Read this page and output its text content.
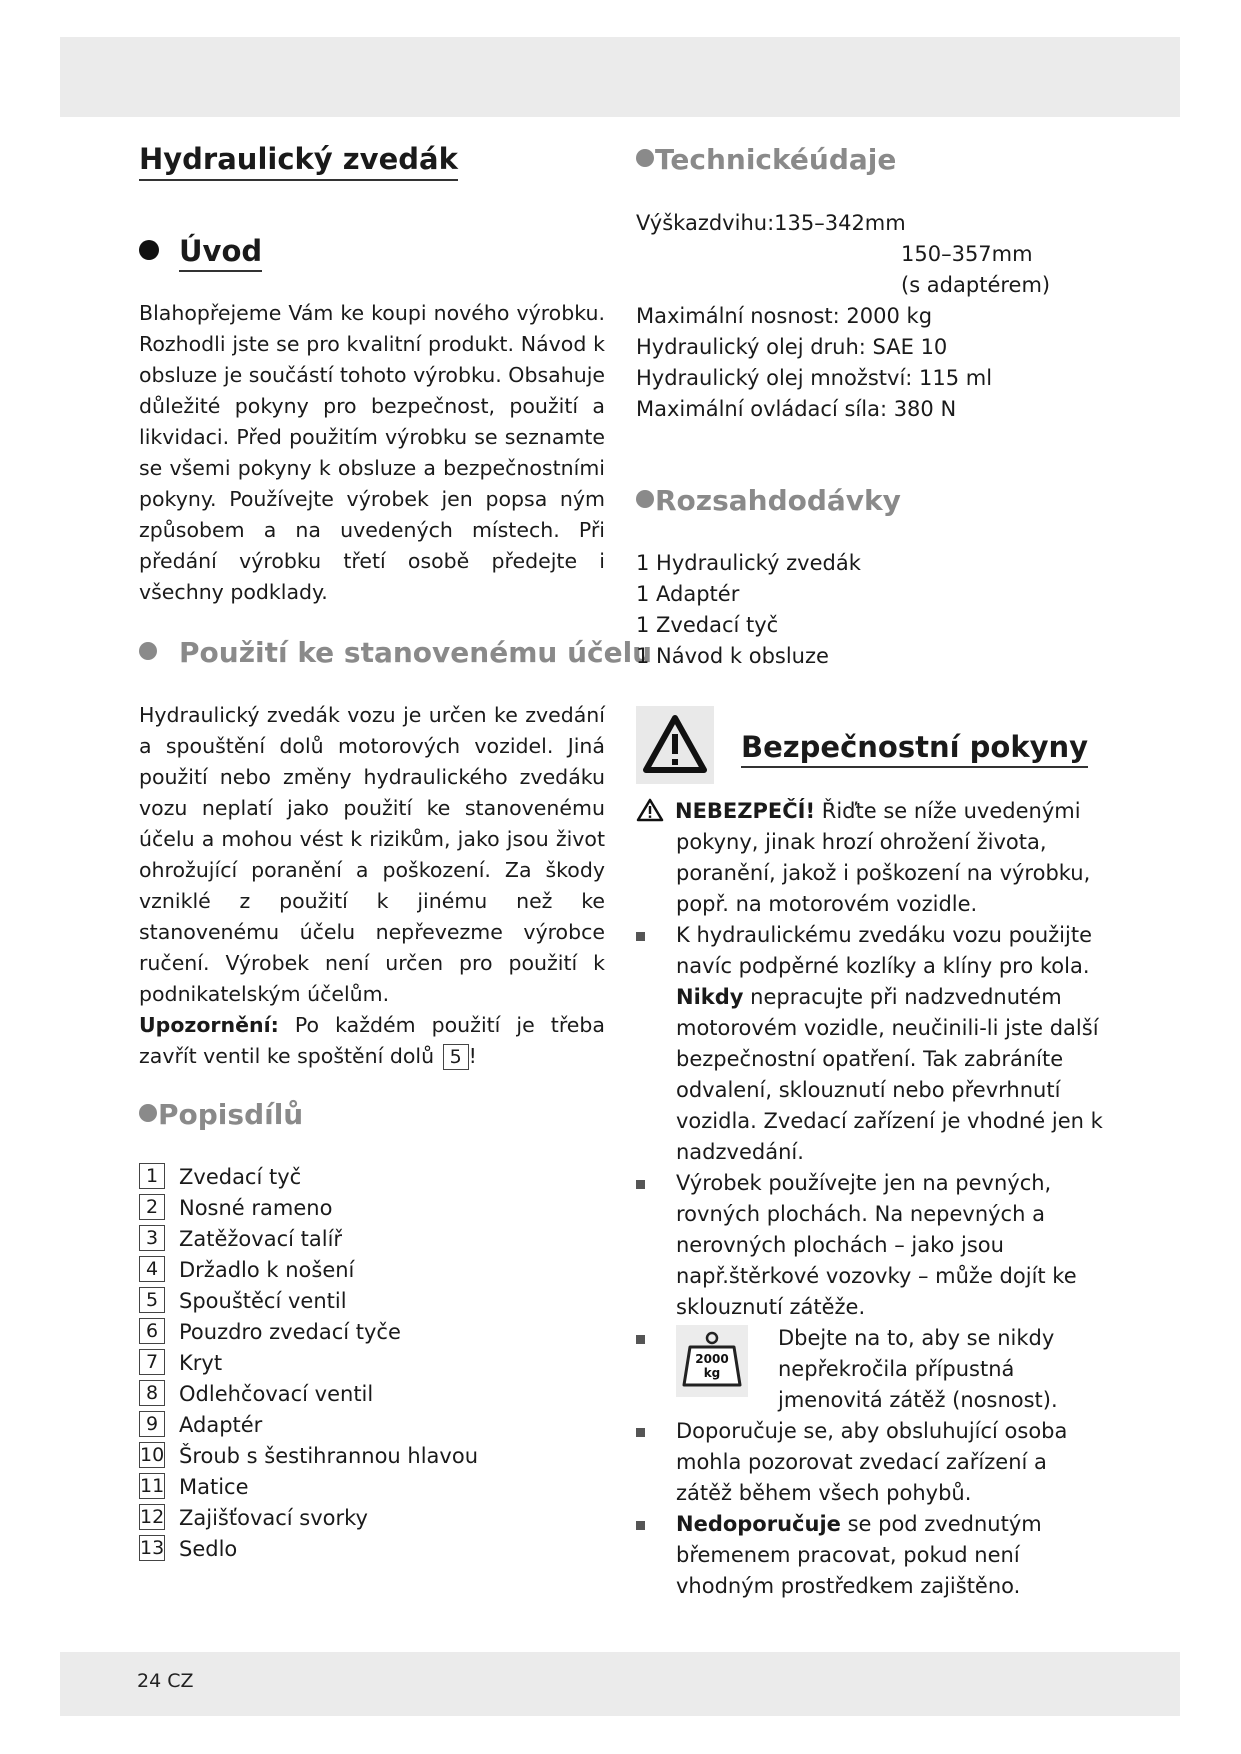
Hydraulický zvedák
Úvod

Blahopřejeme Vám ke koupi nového výrobku. Rozhodli jste se pro kvalitní produkt. Návod k obsluze je součástí tohoto výrobku. Obsahuje důležité pokyny pro bezpečnost, použití a likvidaci. Před použitím výrobku se seznamte se všemi pokyny k obsluze a bezpečnostními pokyny. Používejte výrobek jen popsa ným způsobem a na uvedených místech. Při předání výrobku třetí osobě předejte i všechny podklady.

Použití ke stanovenému účelu

Hydraulický zvedák vozu je určen ke zvedání a spouštění dolů motorových vozidel. Jiná použití nebo změny hydraulického zvedáku vozu neplatí jako použití ke stanovenému účelu a mohou vést k rizikům, jako jsou život ohrožující poranění a poškození. Za škody vzniklé z použití k jinému než ke stanovenému účelu nepřevezme výrobce ručení. Výrobek není určen pro použití k podnikatelským účelům.

Upozornění: Po každém použití je třeba zavřít ventil ke spoštění dolů 5 !

Popisdílů
1 Zvedací tyč
2 Nosné rameno
3 Zatěžovací talíř
4 Držadlo k nošení
5 Spouštěcí ventil
6 Pouzdro zvedací tyče
7 Kryt
8 Odlehčovací ventil
9 Adaptér
10 Šroub s šestihrannou hlavou
11 Matice
12 Zajišťovací svorky
13 Sedlo
Technickéúdaje
Výškazdvihu:135–342mm
150–357mm
(s adaptérem)
Maximální nosnost: 2000 kg
Hydraulický olej druh: SAE 10
Hydraulický olej množství: 115 ml
Maximální ovládací síla: 380 N
Rozsahdodávky
1 Hydraulický zvedák
1 Adaptér
1 Zvedací tyč
1 Návod k obsluze
Bezpečnostní pokyny
NEBEZPEČÍ! Řiďte se níže uvedenými pokyny, jinak hrozí ohrožení života, poranění, jakož i poškození na výrobku, popř. na motorovém vozidle.
K hydraulickému zvedáku vozu použijte navíc podpěrné kozlíky a klíny pro kola. Nikdy nepracujte při nadzvednutém motorovém vozidle, neučinili-li jste další bezpečnostní opatření. Tak zabráníte odvalení, sklouznutí nebo převrhnutí vozidla. Zvedací zařízení je vhodné jen k nadzvedání.
Výrobek používejte jen na pevných, rovných plochách. Na nepevných a nerovných plochách – jako jsou např.štěrkové vozovky – může dojít ke sklouznutí zátěže.
2000
kg
Dbejte na to, aby se nikdy nepřekročila přípustná jmenovitá zátěž (nosnost).
Doporučuje se, aby obsluhující osoba mohla pozorovat zvedací zařízení a zátěž během všech pohybů.
Nedoporučuje se pod zvednutým břemenem pracovat, pokud není vhodným prostředkem zajištěno.
24 CZ
